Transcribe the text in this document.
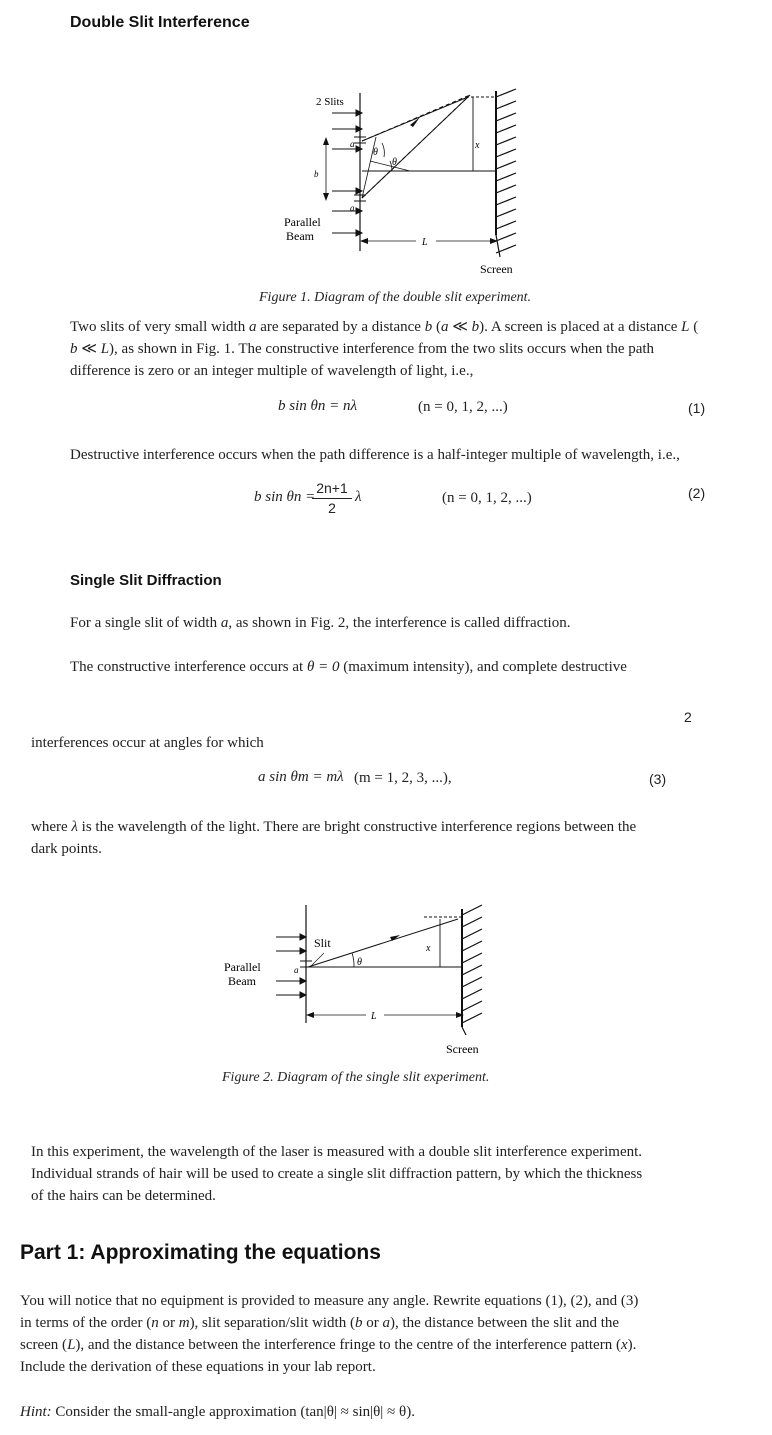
Double Slit Interference
2 Slits
a
a
b
θ
θ
x
Parallel
Beam	L
Screen
Figure 1. Diagram of the double slit experiment.
Two slits of very small width a are separated by a distance b (a ≪ b). A screen is placed at a distance L (
b ≪ L), as shown in Fig. 1. The constructive interference from the two slits occurs when the path
difference is zero or an integer multiple of wavelength of light, i.e.,
b sin θn = nλ	(n = 0, 1, 2, ...)	(1)
Destructive interference occurs when the path difference is a half-integer multiple of wavelength, i.e.,
b sin θn =
2n+1
2
λ	(n = 0, 1, 2, ...)	(2)
Single Slit Diffraction
For a single slit of width a, as shown in Fig. 2, the interference is called diffraction.
The constructive interference occurs at θ = 0 (maximum intensity), and complete destructive
2
interferences occur at angles for which
a sin θm = mλ (m = 1, 2, 3, ...),	(3)
where λ is the wavelength of the light. There are bright constructive interference regions between the
dark points.
Slit
a
θ
x
Parallel
Beam
L
Screen
Figure 2. Diagram of the single slit experiment.
In this experiment, the wavelength of the laser is measured with a double slit interference experiment.
Individual strands of hair will be used to create a single slit diffraction pattern, by which the thickness
of the hairs can be determined.
Part 1: Approximating the equations
You will notice that no equipment is provided to measure any angle. Rewrite equations (1), (2), and (3)
in terms of the order (n or m), slit separation/slit width (b or a), the distance between the slit and the
screen (L), and the distance between the interference fringe to the centre of the interference pattern (x).
Include the derivation of these equations in your lab report.
Hint: Consider the small-angle approximation (tan|θ| ≈ sin|θ| ≈ θ).
